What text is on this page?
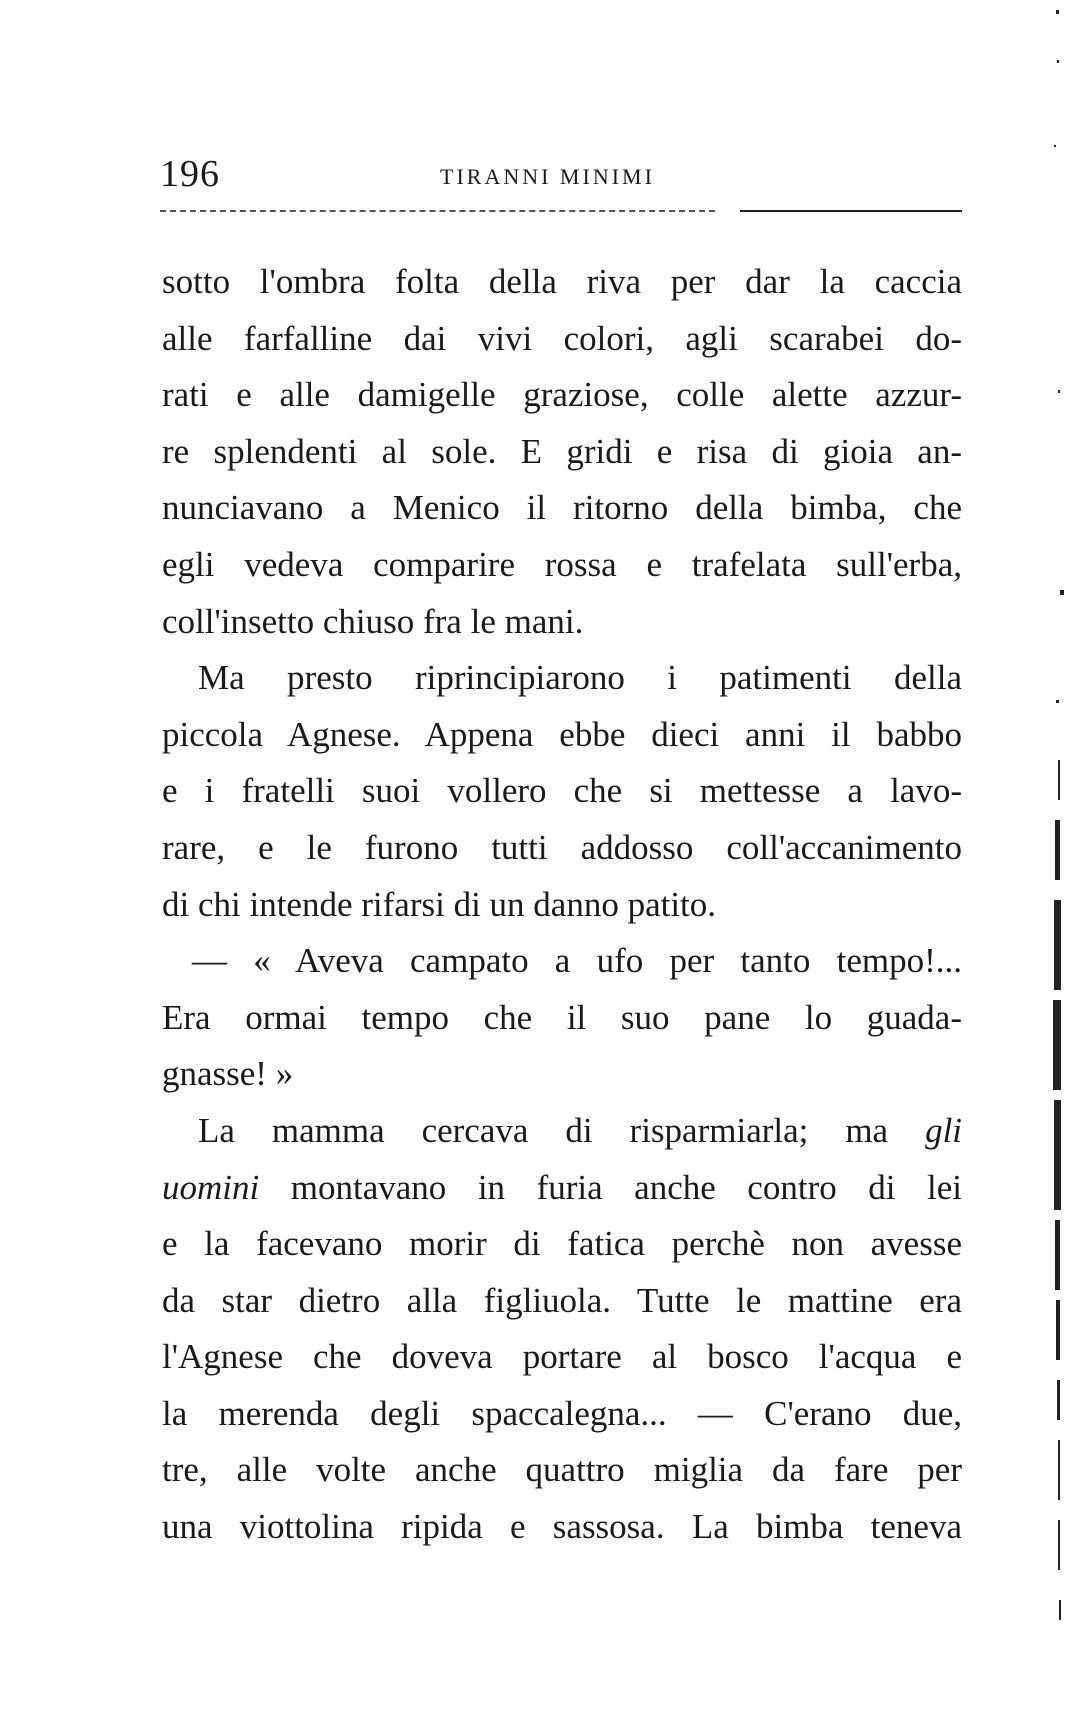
196	TIRANNI MINIMI
sotto l'ombra folta della riva per dar la caccia
alle farfalline dai vivi colori, agli scarabei do-
rati e alle damigelle graziose, colle alette azzur-
re splendenti al sole. E gridi e risa di gioia an-
nunciavano a Menico il ritorno della bimba, che
egli vedeva comparire rossa e trafelata sull'erba,
coll'insetto chiuso fra le mani.
Ma presto riprincipiarono i patimenti della
piccola Agnese. Appena ebbe dieci anni il babbo
e i fratelli suoi vollero che si mettesse a lavo-
rare, e le furono tutti addosso coll'accanimento
di chi intende rifarsi di un danno patito.
— « Aveva campato a ufo per tanto tempo!...
Era ormai tempo che il suo pane lo guada-
gnasse! »
La mamma cercava di risparmiarla; ma gli
uomini montavano in furia anche contro di lei
e la facevano morir di fatica perchè non avesse
da star dietro alla figliuola. Tutte le mattine era
l'Agnese che doveva portare al bosco l'acqua e
la merenda degli spaccalegna... — C'erano due,
tre, alle volte anche quattro miglia da fare per
una viottolina ripida e sassosa. La bimba teneva
